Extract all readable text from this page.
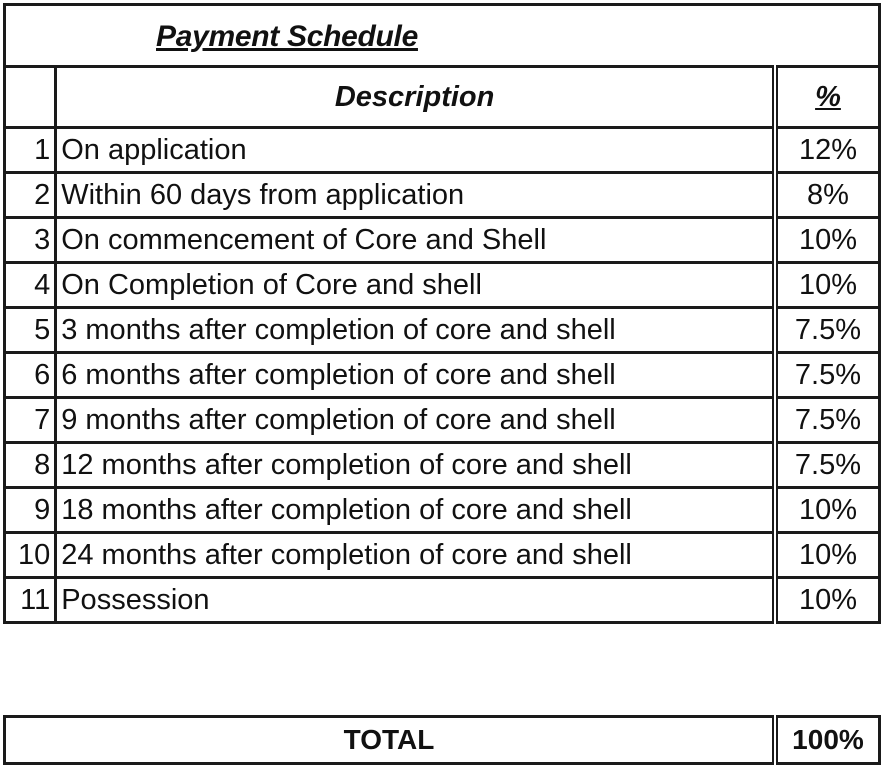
Payment Schedule
	Description	%
1	On application	12%
2	Within 60 days from application	8%
3	On commencement of Core and Shell	10%
4	On Completion of Core and shell	10%
5	3 months after completion of core and shell	7.5%
6	6 months after completion of core and shell	7.5%
7	9 months after completion of core and shell	7.5%
8	12 months after completion of core and shell	7.5%
9	18 months after completion of core and shell	10%
10	24 months after completion of core and shell	10%
11	Possession	10%
TOTAL	100%
